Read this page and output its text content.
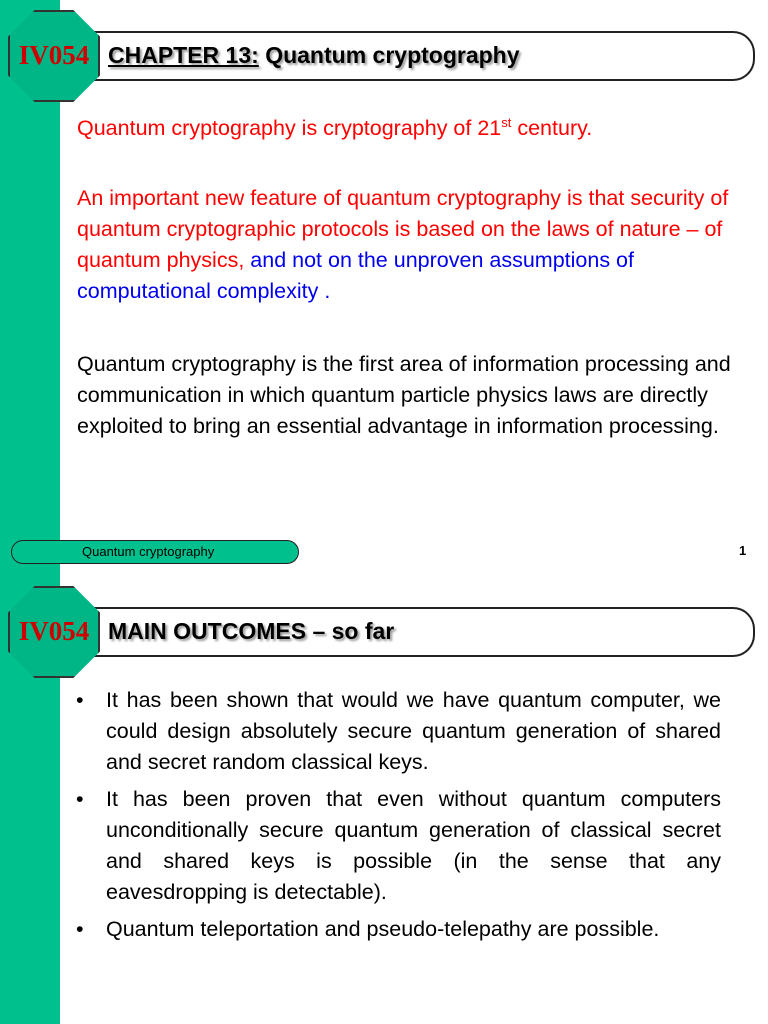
IV054 CHAPTER 13: Quantum cryptography
Quantum cryptography is cryptography of 21st century.
An important new feature of quantum cryptography is that security of quantum cryptographic protocols is based on the laws of nature – of quantum physics, and not on the unproven assumptions of computational complexity .
Quantum cryptography is the first area of information processing and communication in which quantum particle physics laws are directly exploited to bring an essential advantage in information processing.
Quantum cryptography	1
IV054 MAIN OUTCOMES – so far
• It has been shown that would we have quantum computer, we could design absolutely secure quantum generation of shared and secret random classical keys.
• It has been proven that even without quantum computers unconditionally secure quantum generation of classical secret and shared keys is possible (in the sense that any eavesdropping is detectable).
• Quantum teleportation and pseudo-telepathy are possible.
